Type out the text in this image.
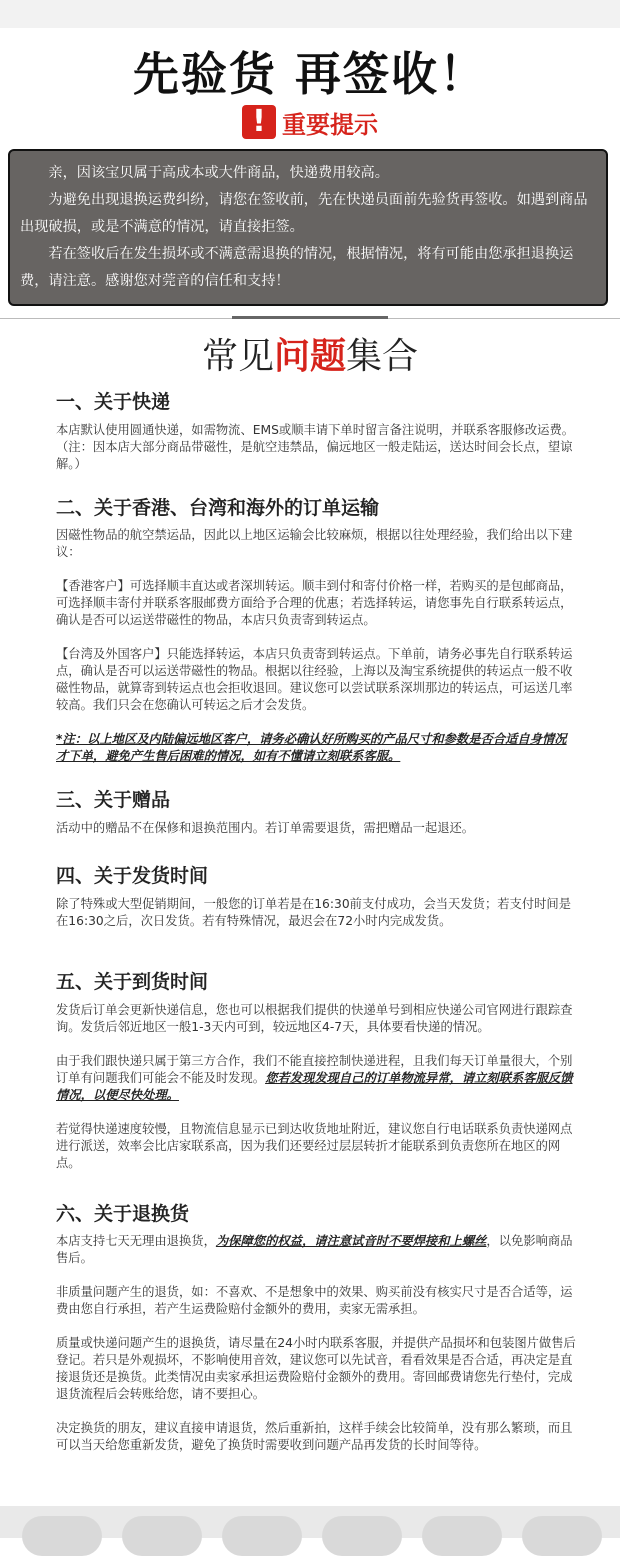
先验货 再签收！
! 重要提示

亲，因该宝贝属于高成本或大件商品，快递费用较高。

为避免出现退换运费纠纷，请您在签收前，先在快递员面前先验货再签收。如遇到商品出现破损，或是不满意的情况，请直接拒签。

若在签收后在发生损坏或不满意需退换的情况，根据情况，将有可能由您承担退换运费，请注意。感谢您对莞音的信任和支持！

常见问题集合
一、关于快递

本店默认使用圆通快递，如需物流、EMS或顺丰请下单时留言备注说明，并联系客服修改运费。

（注：因本店大部分商品带磁性，是航空违禁品，偏远地区一般走陆运，送达时间会长点，望谅解。）

二、关于香港、台湾和海外的订单运输

因磁性物品的航空禁运品，因此以上地区运输会比较麻烦，根据以往处理经验，我们给出以下建议：

【香港客户】可选择顺丰直达或者深圳转运。顺丰到付和寄付价格一样，若购买的是包邮商品，可选择顺丰寄付并联系客服邮费方面给予合理的优惠；若选择转运，请您事先自行联系转运点，确认是否可以运送带磁性的物品，本店只负责寄到转运点。

【台湾及外国客户】只能选择转运，本店只负责寄到转运点。下单前，请务必事先自行联系转运点，确认是否可以运送带磁性的物品。根据以往经验，上海以及淘宝系统提供的转运点一般不收磁性物品，就算寄到转运点也会拒收退回。建议您可以尝试联系深圳那边的转运点，可运送几率较高。我们只会在您确认可转运之后才会发货。

*注：以上地区及内陆偏远地区客户，请务必确认好所购买的产品尺寸和参数是否合适自身情况才下单，避免产生售后困难的情况，如有不懂请立刻联系客服。

三、关于赠品

活动中的赠品不在保修和退换范围内。若订单需要退货，需把赠品一起退还。

四、关于发货时间

除了特殊或大型促销期间，一般您的订单若是在16:30前支付成功，会当天发货；若支付时间是在16:30之后，次日发货。若有特殊情况，最迟会在72小时内完成发货。

五、关于到货时间

发货后订单会更新快递信息，您也可以根据我们提供的快递单号到相应快递公司官网进行跟踪查询。发货后邻近地区一般1-3天内可到，较远地区4-7天，具体要看快递的情况。

由于我们跟快递只属于第三方合作，我们不能直接控制快递进程，且我们每天订单量很大，个别订单有问题我们可能会不能及时发现。您若发现发现自己的订单物流异常，请立刻联系客服反馈情况，以便尽快处理。

若觉得快递速度较慢，且物流信息显示已到达收货地址附近，建议您自行电话联系负责快递网点进行派送，效率会比店家联系高，因为我们还要经过层层转折才能联系到负责您所在地区的网点。

六、关于退换货

本店支持七天无理由退换货，为保障您的权益，请注意试音时不要焊接和上螺丝，以免影响商品售后。

非质量问题产生的退货，如：不喜欢、不是想象中的效果、购买前没有核实尺寸是否合适等，运费由您自行承担，若产生运费险赔付金额外的费用，卖家无需承担。

质量或快递问题产生的退换货，请尽量在24小时内联系客服，并提供产品损坏和包装图片做售后登记。若只是外观损坏，不影响使用音效，建议您可以先试音，看看效果是否合适，再决定是直接退货还是换货。此类情况由卖家承担运费险赔付金额外的费用。寄回邮费请您先行垫付，完成退货流程后会转账给您，请不要担心。

决定换货的朋友，建议直接申请退货，然后重新拍，这样手续会比较简单，没有那么繁琐，而且可以当天给您重新发货，避免了换货时需要收到问题产品再发货的长时间等待。
